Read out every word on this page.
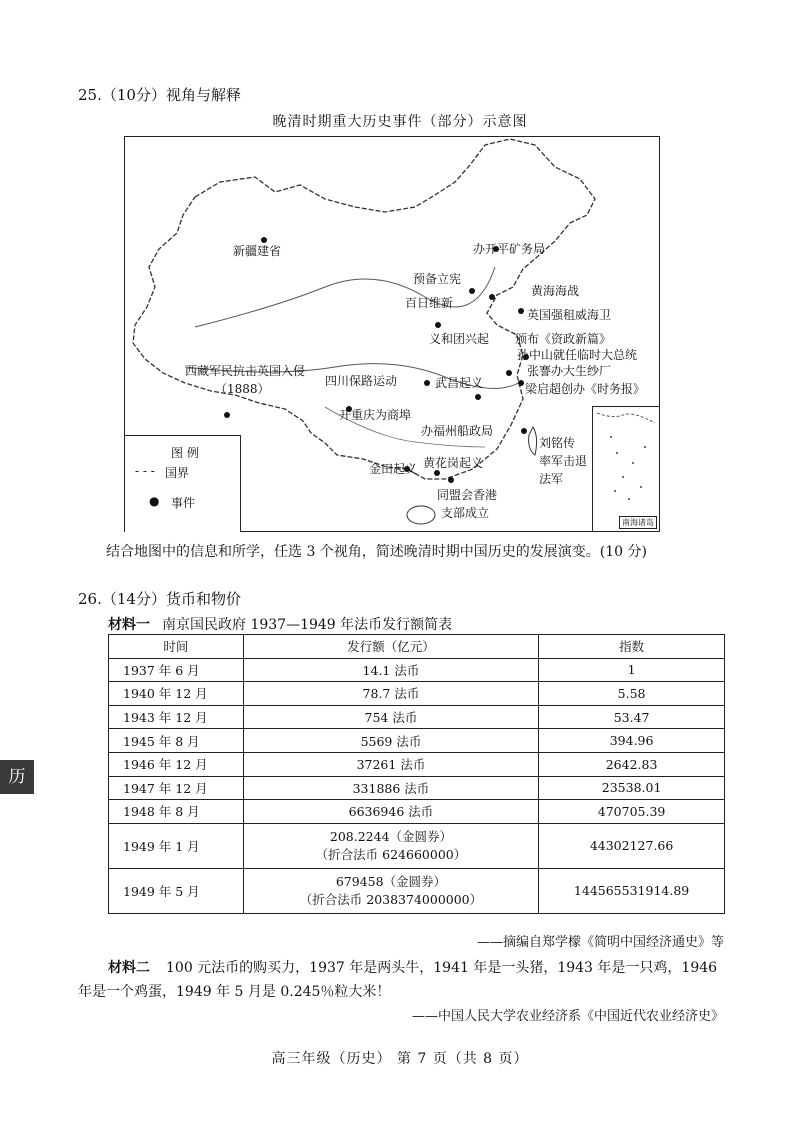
25.（10分）视角与解释
晚清时期重大历史事件（部分）示意图
新疆建省	办开平矿务局
预备立宪
百日维新
黄海海战
英国强租威海卫
义和团兴起 颁布《资政新篇》
孙中山就任临时大总统
张謇办大生纱厂
梁启超创办《时务报》
西藏军民抗击英国入侵
（1888）
四川保路运动	武昌起义
开重庆为商埠
办福州船政局
刘铭传
率军击退
法军
金田起义 黄花岗起义
同盟会香港
支部成立
图 例
- - - 国界
● 事件
南海诸岛
结合地图中的信息和所学，任选 3 个视角，简述晚清时期中国历史的发展演变。(10 分)
26.（14分）货币和物价
材料一 南京国民政府 1937—1949 年法币发行额简表
时间	发行额（亿元）	指数
1937 年 6 月	14.1 法币	1
1940 年 12 月	78.7 法币	5.58
1943 年 12 月	754 法币	53.47
1945 年 8 月	5569 法币	394.96
1946 年 12 月	37261 法币	2642.83
1947 年 12 月	331886 法币	23538.01
1948 年 8 月	6636946 法币	470705.39
1949 年 1 月	208.2244（金圆券）
（折合法币 624660000）	44302127.66
1949 年 5 月	679458（金圆券）
（折合法币 2038374000000）	144565531914.89
——摘编自郑学檬《简明中国经济通史》等
材料二 100 元法币的购买力，1937 年是两头牛，1941 年是一头猪，1943 年是一只鸡，1946
年是一个鸡蛋，1949 年 5 月是 0.245％粒大米！
——中国人民大学农业经济系《中国近代农业经济史》
历
高三年级（历史） 第 7 页（共 8 页）
